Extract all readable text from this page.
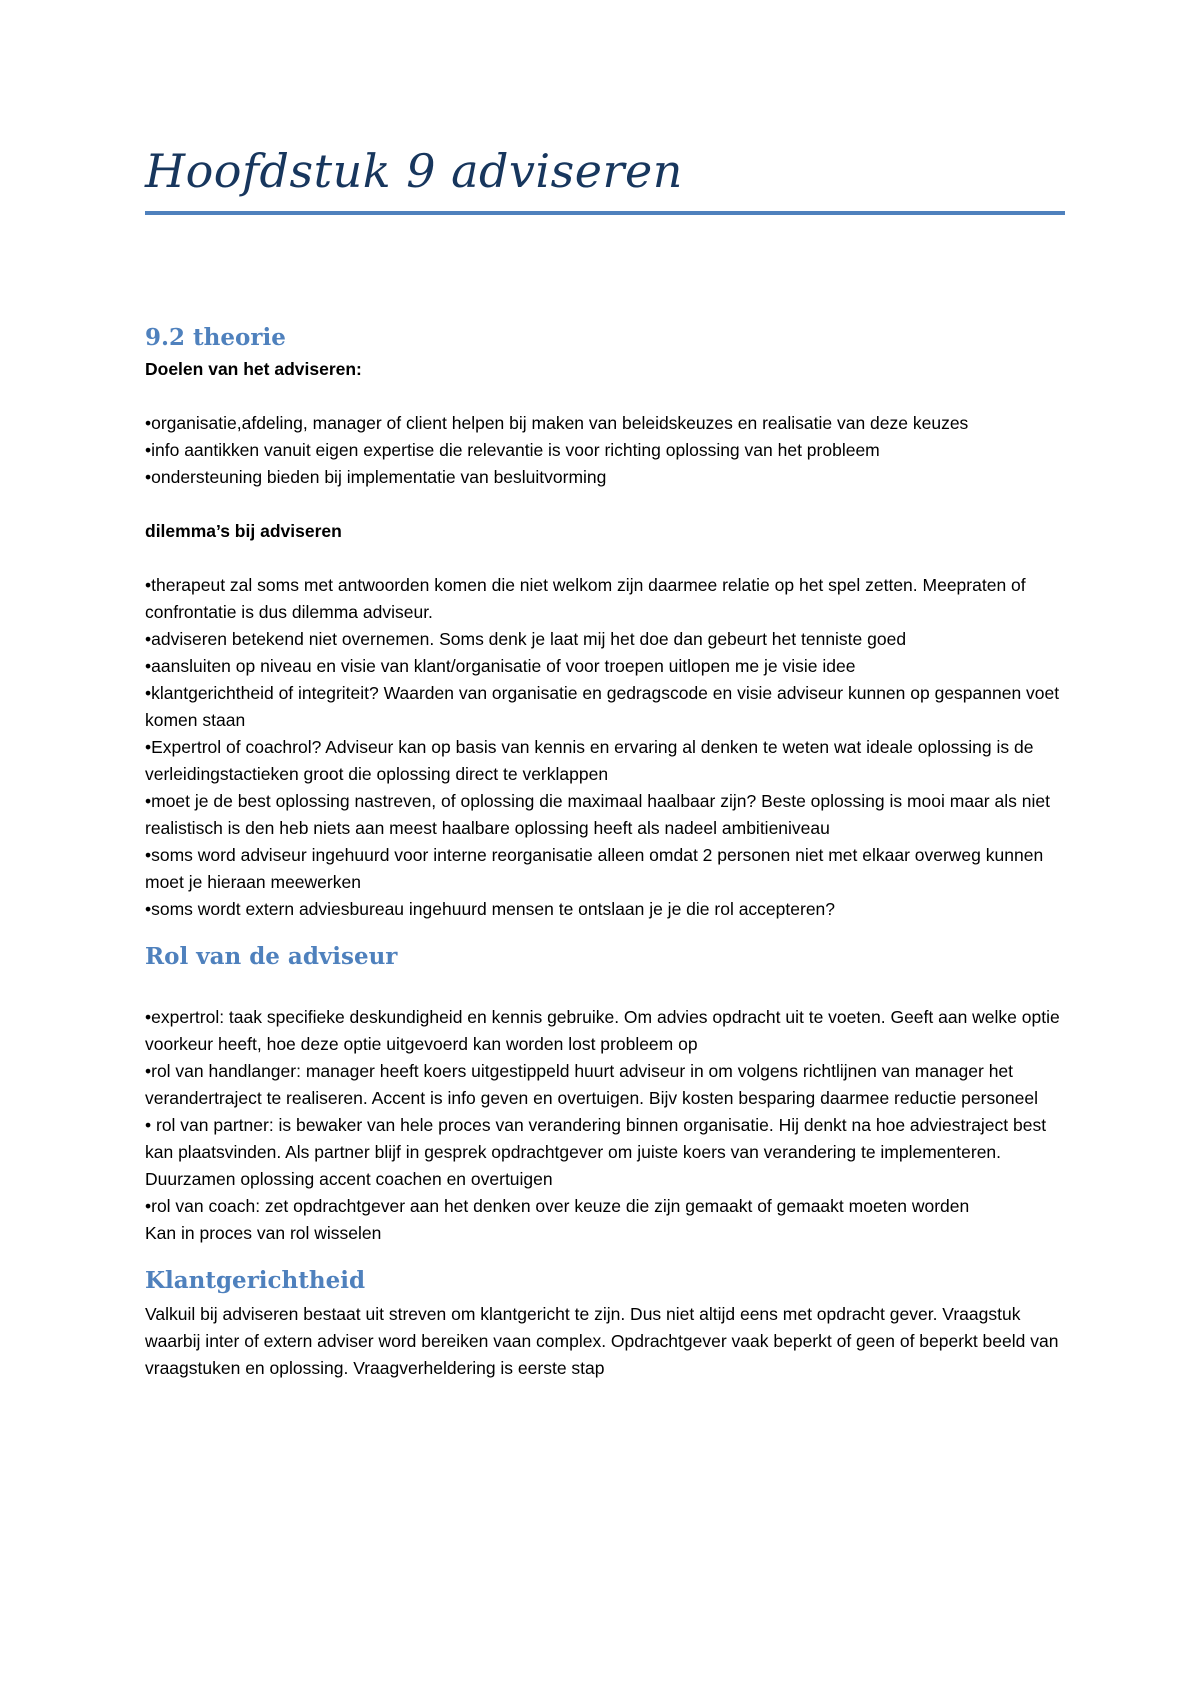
Hoofdstuk 9 adviseren
9.2 theorie
Doelen van het adviseren:
•organisatie,afdeling, manager of client helpen bij maken van beleidskeuzes en realisatie van deze keuzes
•info aantikken vanuit eigen expertise die relevantie is voor richting oplossing van het probleem
•ondersteuning bieden bij implementatie van besluitvorming
dilemma’s bij adviseren
•therapeut zal soms met antwoorden komen die niet welkom zijn daarmee relatie op het spel zetten. Meepraten of confrontatie is dus dilemma adviseur.
•adviseren betekend niet overnemen. Soms denk je laat mij het doe dan gebeurt het tenniste goed
•aansluiten op niveau en visie van klant/organisatie of voor troepen uitlopen me je visie idee
•klantgerichtheid of integriteit? Waarden van organisatie en gedragscode en visie adviseur kunnen op gespannen voet komen staan
•Expertrol of coachrol? Adviseur kan op basis van kennis en ervaring al denken te weten wat ideale oplossing is de verleidingstactieken groot die oplossing direct te verklappen
•moet je de best oplossing nastreven, of oplossing die maximaal haalbaar zijn? Beste oplossing is mooi maar als niet realistisch is den heb niets aan meest haalbare oplossing heeft als nadeel ambitieniveau
•soms word adviseur ingehuurd voor interne reorganisatie alleen omdat 2 personen niet met elkaar overweg kunnen moet je hieraan meewerken
•soms wordt extern adviesbureau ingehuurd mensen te ontslaan je je die rol accepteren?
Rol van de adviseur
•expertrol: taak specifieke deskundigheid en kennis gebruike. Om advies opdracht uit te voeten. Geeft aan welke optie voorkeur heeft, hoe deze optie uitgevoerd kan worden lost probleem op
•rol van handlanger: manager heeft koers uitgestippeld huurt adviseur in om volgens richtlijnen van manager het verandertraject te realiseren. Accent is info geven en overtuigen. Bijv kosten besparing daarmee reductie personeel
• rol van partner: is bewaker van hele proces van verandering binnen organisatie. Hij denkt na hoe adviestraject best kan plaatsvinden. Als partner blijf in gesprek opdrachtgever om juiste koers van verandering te implementeren. Duurzamen oplossing accent coachen en overtuigen
•rol van coach: zet opdrachtgever aan het denken over keuze die zijn gemaakt of gemaakt moeten worden
Kan in proces van rol wisselen
Klantgerichtheid
Valkuil bij adviseren bestaat uit streven om klantgericht te zijn. Dus niet altijd eens met opdracht gever. Vraagstuk waarbij inter of extern adviser word bereiken vaan complex. Opdrachtgever vaak beperkt of geen of beperkt beeld van vraagstuken en oplossing. Vraagverheldering is eerste stap
